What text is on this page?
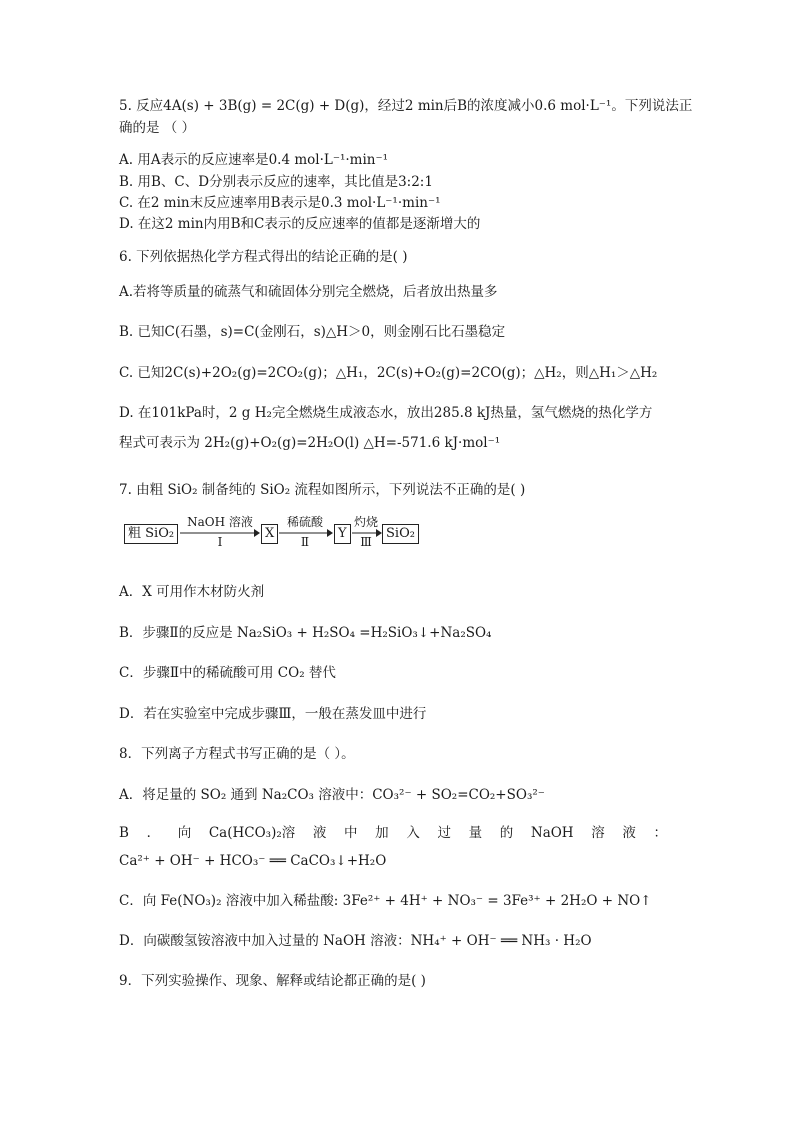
5. 反应4A(s) + 3B(g) = 2C(g) + D(g)，经过2 min后B的浓度减小0.6 mol·L⁻¹。下列说法正
确的是 （ ）
A. 用A表示的反应速率是0.4 mol·L⁻¹·min⁻¹
B. 用B、C、D分别表示反应的速率，其比值是3:2:1
C. 在2 min末反应速率用B表示是0.3 mol·L⁻¹·min⁻¹
D. 在这2 min内用B和C表示的反应速率的值都是逐渐增大的
6. 下列依据热化学方程式得出的结论正确的是( )
A.若将等质量的硫蒸气和硫固体分别完全燃烧，后者放出热量多
B. 已知C(石墨，s)=C(金刚石，s)△H＞0，则金刚石比石墨稳定
C. 已知2C(s)+2O₂(g)=2CO₂(g)；△H₁，2C(s)+O₂(g)=2CO(g)；△H₂，则△H₁＞△H₂
D. 在101kPa时，2 g H₂完全燃烧生成液态水，放出285.8 kJ热量，氢气燃烧的热化学方
程式可表示为 2H₂(g)+O₂(g)=2H₂O(l) △H=-571.6 kJ·mol⁻¹
7. 由粗 SiO₂ 制备纯的 SiO₂ 流程如图所示，下列说法不正确的是( )
粗 SiO₂
NaOH 溶液
Ⅰ
X
稀硫酸
Ⅱ
Y
灼烧
Ⅲ
SiO₂
A．X 可用作木材防火剂
B．步骤Ⅱ的反应是 Na₂SiO₃ + H₂SO₄ =H₂SiO₃↓+Na₂SO₄
C．步骤Ⅱ中的稀硫酸可用 CO₂ 替代
D．若在实验室中完成步骤Ⅲ，一般在蒸发皿中进行
8．下列离子方程式书写正确的是（ ）。
A．将足量的 SO₂ 通到 Na₂CO₃ 溶液中：CO₃²⁻ + SO₂=CO₂+SO₃²⁻
B ． 向 Ca(HCO₃)₂溶 液 中 加 入 过 量 的 NaOH 溶 液 ：
Ca²⁺ + OH⁻ + HCO₃⁻ ══ CaCO₃↓+H₂O
C．向 Fe(NO₃)₂ 溶液中加入稀盐酸: 3Fe²⁺ + 4H⁺ + NO₃⁻ = 3Fe³⁺ + 2H₂O + NO↑
D．向碳酸氢铵溶液中加入过量的 NaOH 溶液：NH₄⁺ + OH⁻ ══ NH₃ · H₂O
9．下列实验操作、现象、解释或结论都正确的是( )
